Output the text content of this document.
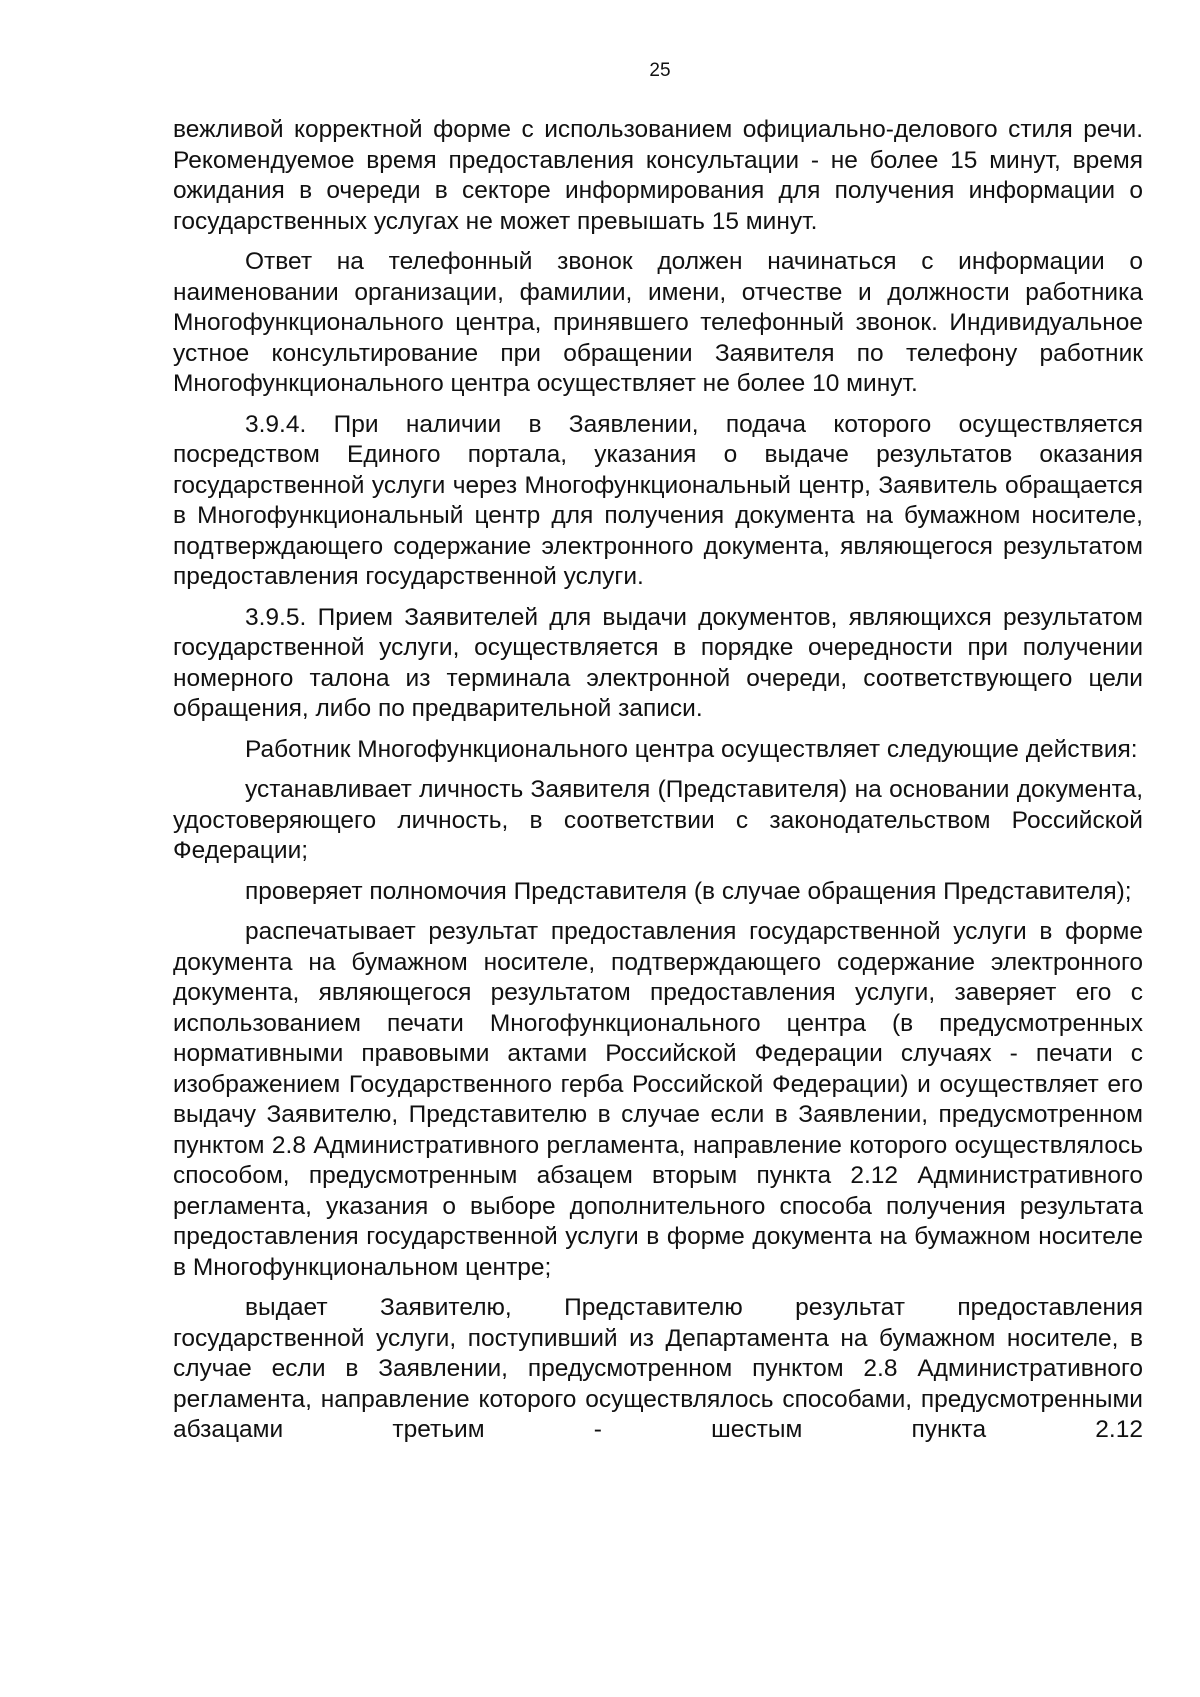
25

вежливой корректной форме с использованием официально-делового стиля речи. Рекомендуемое время предоставления консультации - не более 15 минут, время ожидания в очереди в секторе информирования для получения информации о государственных услугах не может превышать 15 минут.

Ответ на телефонный звонок должен начинаться с информации о наименовании организации, фамилии, имени, отчестве и должности работника Многофункционального центра, принявшего телефонный звонок. Индивидуальное устное консультирование при обращении Заявителя по телефону работник Многофункционального центра осуществляет не более 10 минут.

3.9.4. При наличии в Заявлении, подача которого осуществляется посредством Единого портала, указания о выдаче результатов оказания государственной услуги через Многофункциональный центр, Заявитель обращается в Многофункциональный центр для получения документа на бумажном носителе, подтверждающего содержание электронного документа, являющегося результатом предоставления государственной услуги.

3.9.5. Прием Заявителей для выдачи документов, являющихся результатом государственной услуги, осуществляется в порядке очередности при получении номерного талона из терминала электронной очереди, соответствующего цели обращения, либо по предварительной записи.

Работник Многофункционального центра осуществляет следующие действия:

устанавливает личность Заявителя (Представителя) на основании документа, удостоверяющего личность, в соответствии с законодательством Российской Федерации;

проверяет полномочия Представителя (в случае обращения Представителя);

распечатывает результат предоставления государственной услуги в форме документа на бумажном носителе, подтверждающего содержание электронного документа, являющегося результатом предоставления услуги, заверяет его с использованием печати Многофункционального центра (в предусмотренных нормативными правовыми актами Российской Федерации случаях - печати с изображением Государственного герба Российской Федерации) и осуществляет его выдачу Заявителю, Представителю в случае если в Заявлении, предусмотренном пунктом 2.8 Административного регламента, направление которого осуществлялось способом, предусмотренным абзацем вторым пункта 2.12 Административного регламента, указания о выборе дополнительного способа получения результата предоставления государственной услуги в форме документа на бумажном носителе в Многофункциональном центре;

выдает Заявителю, Представителю результат предоставления государственной услуги, поступивший из Департамента на бумажном носителе, в случае если в Заявлении, предусмотренном пунктом 2.8 Административного регламента, направление которого осуществлялось способами, предусмотренными абзацами третьим - шестым пункта 2.12
